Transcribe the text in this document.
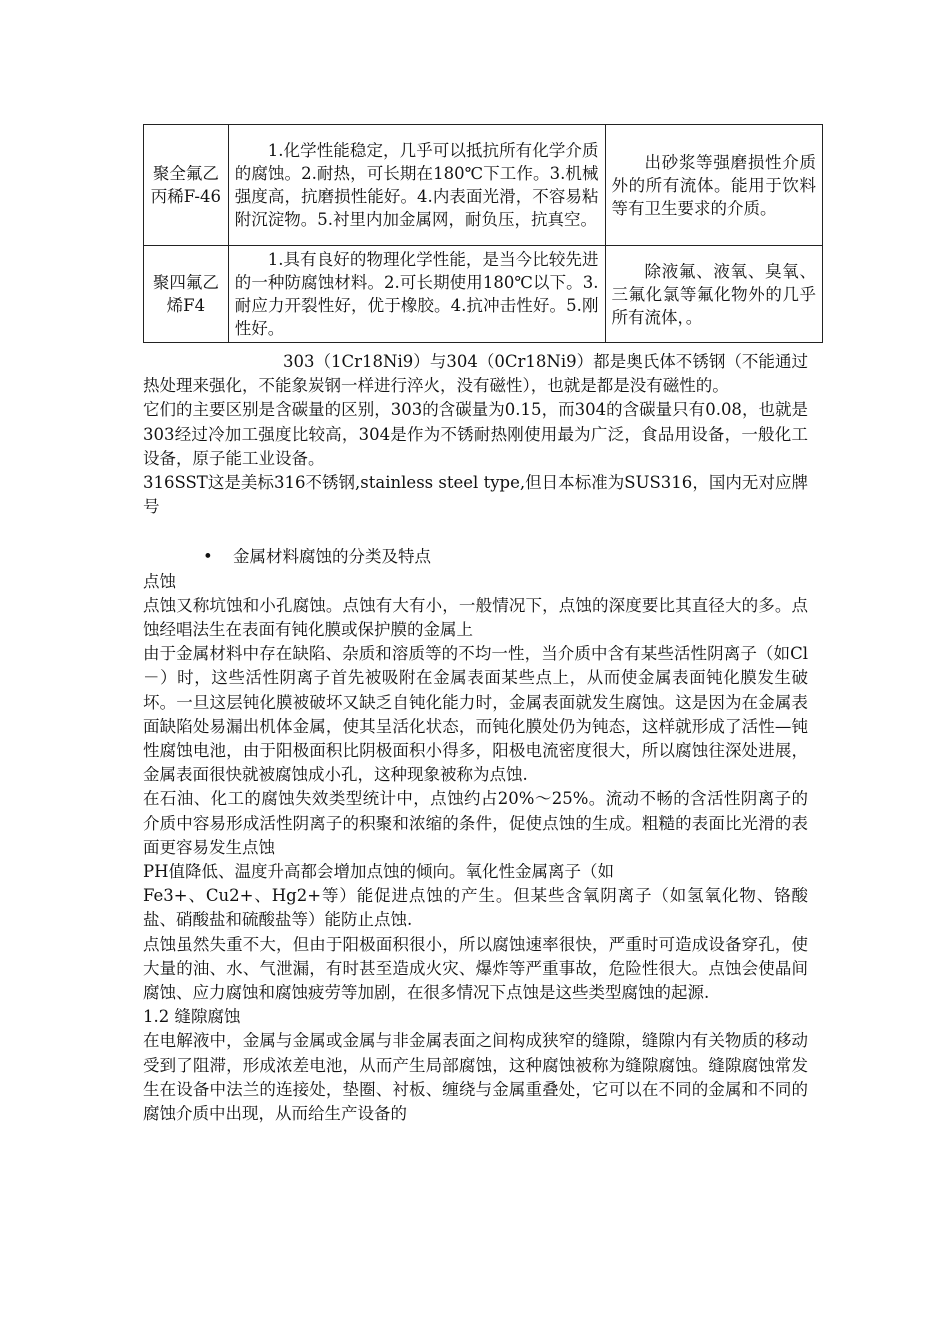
聚全氟乙丙稀F-46	1.化学性能稳定，几乎可以抵抗所有化学介质的腐蚀。2.耐热，可长期在180℃下工作。3.机械强度高，抗磨损性能好。4.内表面光滑，不容易粘附沉淀物。5.衬里内加金属网，耐负压，抗真空。	出砂浆等强磨损性介质外的所有流体。能用于饮料等有卫生要求的介质。
聚四氟乙烯F4	1.具有良好的物理化学性能，是当今比较先进的一种防腐蚀材料。2.可长期使用180℃以下。3.耐应力开裂性好，优于橡胶。4.抗冲击性好。5.刚性好。	除液氟、液氧、臭氧、三氟化氯等氟化物外的几乎所有流体，。

303（1Cr18Ni9）与304（0Cr18Ni9）都是奥氏体不锈钢（不能通过热处理来强化，不能象炭钢一样进行淬火，没有磁性），也就是都是没有磁性的。

它们的主要区别是含碳量的区别，303的含碳量为0.15，而304的含碳量只有0.08，也就是303经过冷加工强度比较高，304是作为不锈耐热刚使用最为广泛，食品用设备，一般化工设备，原子能工业设备。

316SST这是美标316不锈钢,stainless steel type,但日本标准为SUS316，国内无对应牌号

• 金属材料腐蚀的分类及特点

点蚀

点蚀又称坑蚀和小孔腐蚀。点蚀有大有小，一般情况下，点蚀的深度要比其直径大的多。点蚀经唱法生在表面有钝化膜或保护膜的金属上

由于金属材料中存在缺陷、杂质和溶质等的不均一性，当介质中含有某些活性阴离子（如Cl－）时，这些活性阴离子首先被吸附在金属表面某些点上，从而使金属表面钝化膜发生破坏。一旦这层钝化膜被破坏又缺乏自钝化能力时，金属表面就发生腐蚀。这是因为在金属表面缺陷处易漏出机体金属，使其呈活化状态，而钝化膜处仍为钝态，这样就形成了活性—钝性腐蚀电池，由于阳极面积比阴极面积小得多，阳极电流密度很大，所以腐蚀往深处进展，金属表面很快就被腐蚀成小孔，这种现象被称为点蚀.

在石油、化工的腐蚀失效类型统计中，点蚀约占20%～25%。流动不畅的含活性阴离子的介质中容易形成活性阴离子的积聚和浓缩的条件，促使点蚀的生成。粗糙的表面比光滑的表面更容易发生点蚀

PH值降低、温度升高都会增加点蚀的倾向。氧化性金属离子（如

Fe3+、Cu2+、Hg2+等）能促进点蚀的产生。但某些含氧阴离子（如氢氧化物、铬酸盐、硝酸盐和硫酸盐等）能防止点蚀.

点蚀虽然失重不大，但由于阳极面积很小，所以腐蚀速率很快，严重时可造成设备穿孔，使大量的油、水、气泄漏，有时甚至造成火灾、爆炸等严重事故，危险性很大。点蚀会使晶间腐蚀、应力腐蚀和腐蚀疲劳等加剧，在很多情况下点蚀是这些类型腐蚀的起源.

1.2 缝隙腐蚀

在电解液中，金属与金属或金属与非金属表面之间构成狭窄的缝隙，缝隙内有关物质的移动受到了阻滞，形成浓差电池，从而产生局部腐蚀，这种腐蚀被称为缝隙腐蚀。缝隙腐蚀常发生在设备中法兰的连接处，垫圈、衬板、缠绕与金属重叠处，它可以在不同的金属和不同的腐蚀介质中出现，从而给生产设备的
